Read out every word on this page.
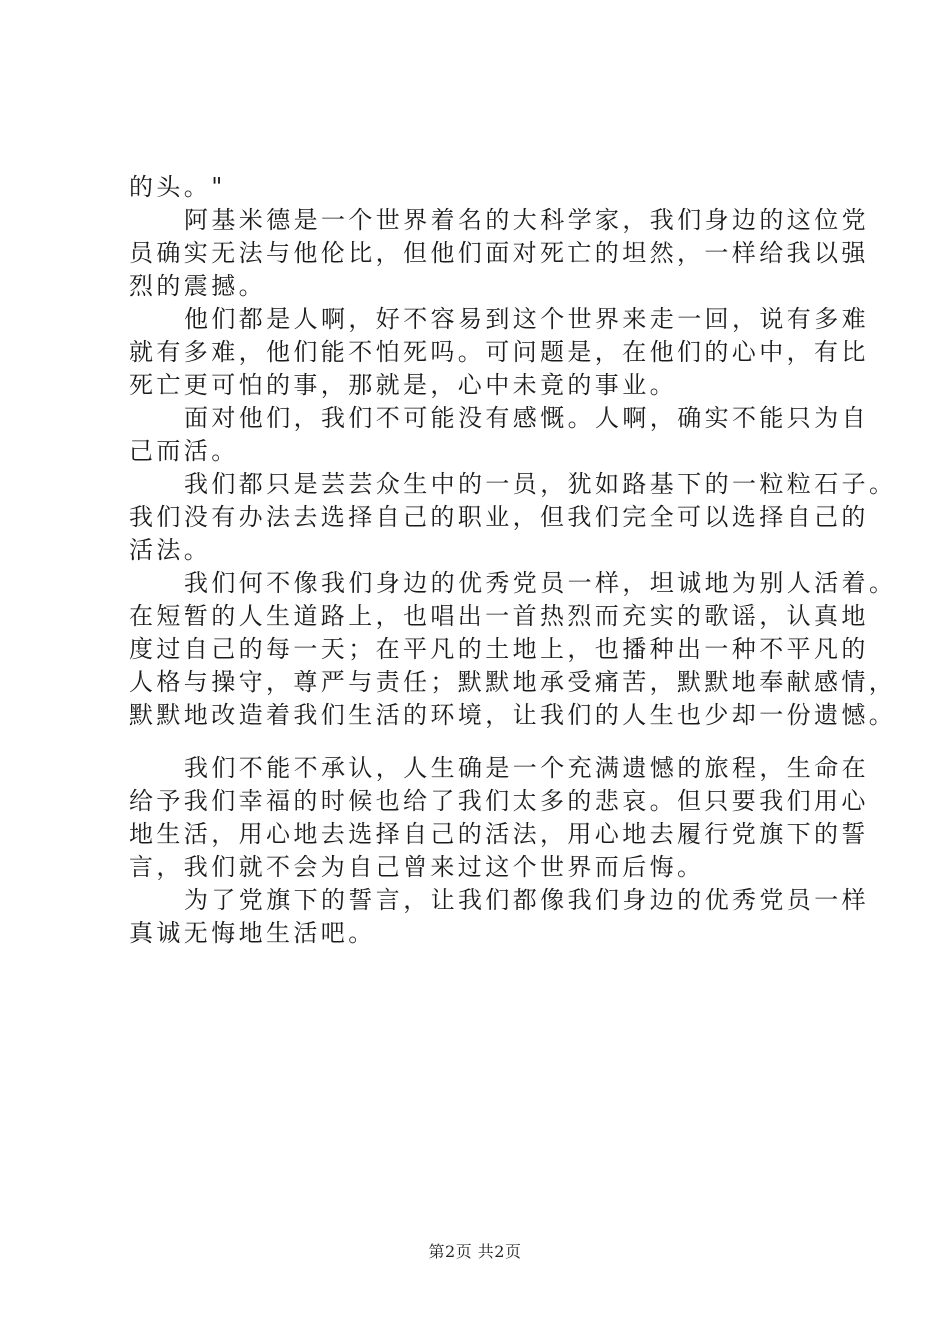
的头。"
阿基米德是一个世界着名的大科学家，我们身边的这位党
员确实无法与他伦比，但他们面对死亡的坦然，一样给我以强
烈的震撼。
他们都是人啊，好不容易到这个世界来走一回，说有多难
就有多难，他们能不怕死吗。可问题是，在他们的心中，有比
死亡更可怕的事，那就是，心中未竟的事业。
面对他们，我们不可能没有感慨。人啊，确实不能只为自
己而活。
我们都只是芸芸众生中的一员，犹如路基下的一粒粒石子。
我们没有办法去选择自己的职业，但我们完全可以选择自己的
活法。
我们何不像我们身边的优秀党员一样，坦诚地为别人活着。
在短暂的人生道路上，也唱出一首热烈而充实的歌谣，认真地
度过自己的每一天；在平凡的土地上，也播种出一种不平凡的
人格与操守，尊严与责任；默默地承受痛苦，默默地奉献感情，
默默地改造着我们生活的环境，让我们的人生也少却一份遗憾。
我们不能不承认，人生确是一个充满遗憾的旅程，生命在
给予我们幸福的时候也给了我们太多的悲哀。但只要我们用心
地生活，用心地去选择自己的活法，用心地去履行党旗下的誓
言，我们就不会为自己曾来过这个世界而后悔。
为了党旗下的誓言，让我们都像我们身边的优秀党员一样
真诚无悔地生活吧。
第2页 共2页
